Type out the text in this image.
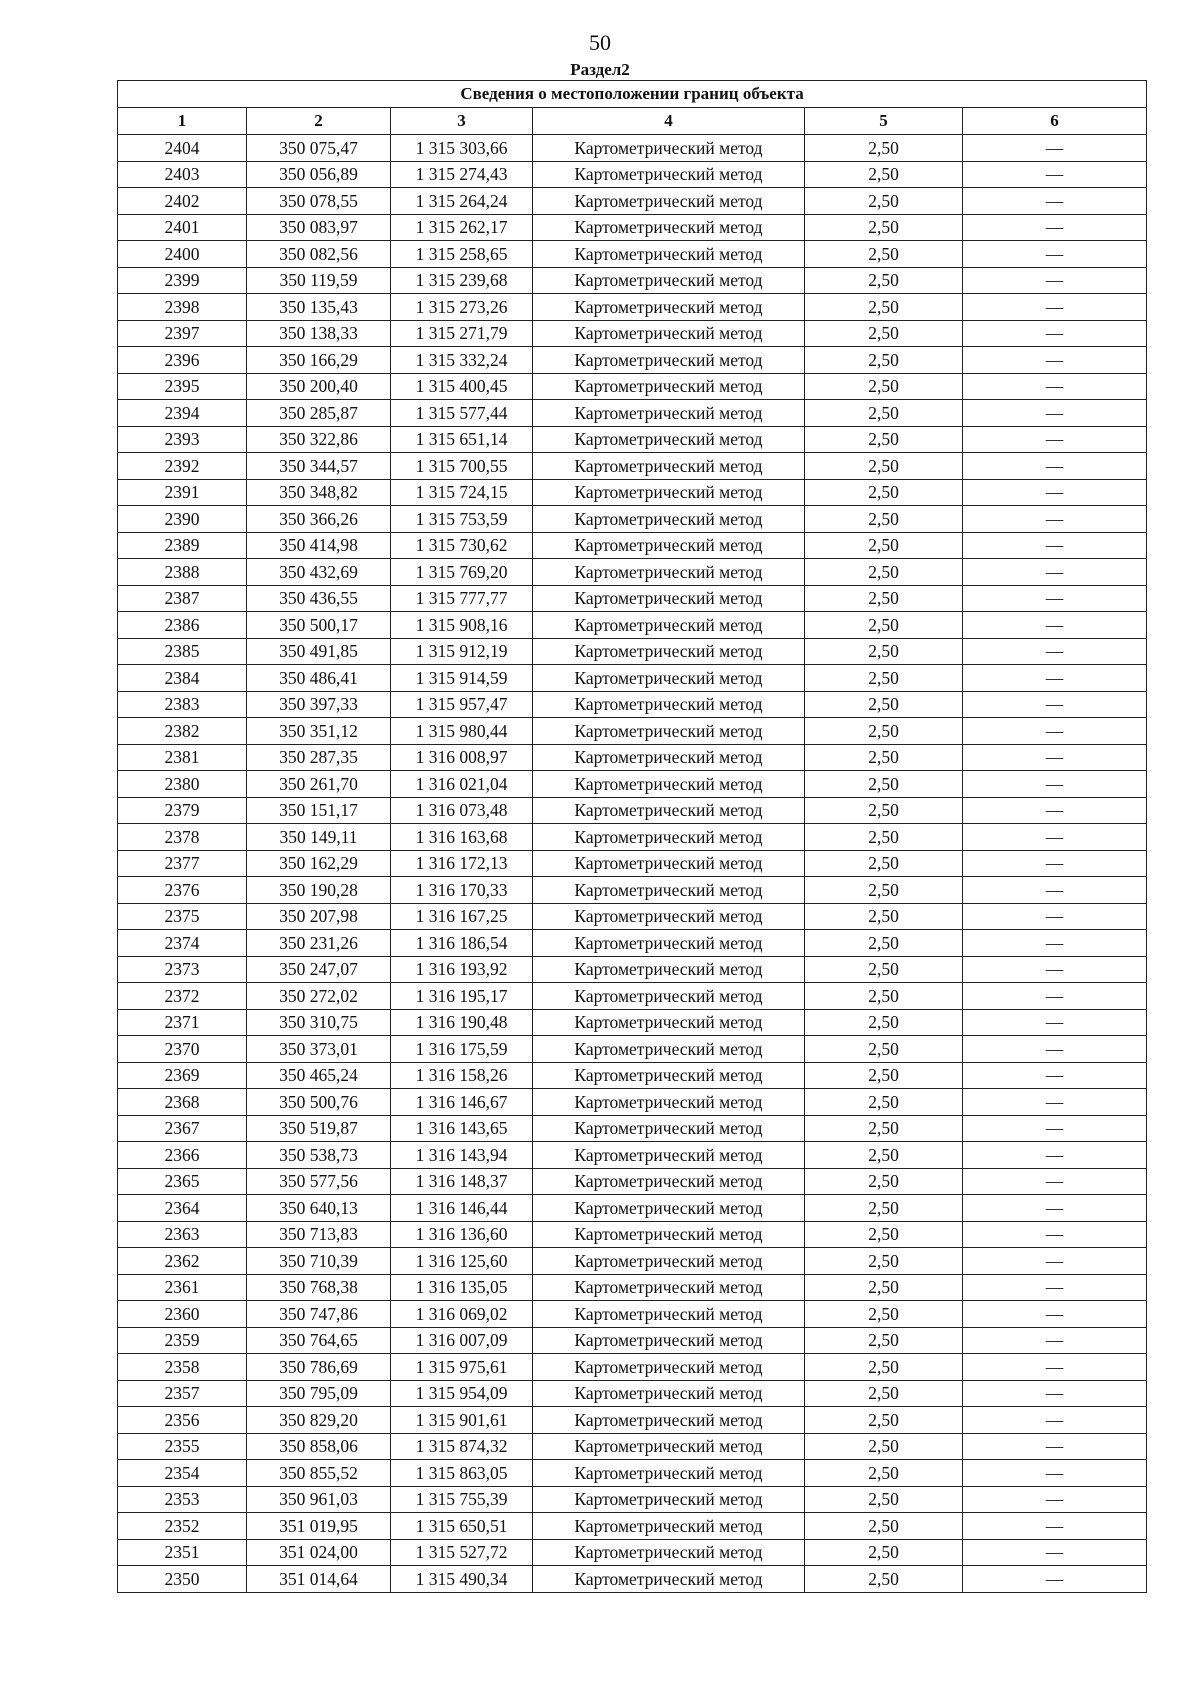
50
Раздел2
Сведения о местоположении границ объекта					
1	2	3	4	5	6
2404	350 075,47	1 315 303,66	Картометрический метод	2,50	—
2403	350 056,89	1 315 274,43	Картометрический метод	2,50	—
2402	350 078,55	1 315 264,24	Картометрический метод	2,50	—
2401	350 083,97	1 315 262,17	Картометрический метод	2,50	—
2400	350 082,56	1 315 258,65	Картометрический метод	2,50	—
2399	350 119,59	1 315 239,68	Картометрический метод	2,50	—
2398	350 135,43	1 315 273,26	Картометрический метод	2,50	—
2397	350 138,33	1 315 271,79	Картометрический метод	2,50	—
2396	350 166,29	1 315 332,24	Картометрический метод	2,50	—
2395	350 200,40	1 315 400,45	Картометрический метод	2,50	—
2394	350 285,87	1 315 577,44	Картометрический метод	2,50	—
2393	350 322,86	1 315 651,14	Картометрический метод	2,50	—
2392	350 344,57	1 315 700,55	Картометрический метод	2,50	—
2391	350 348,82	1 315 724,15	Картометрический метод	2,50	—
2390	350 366,26	1 315 753,59	Картометрический метод	2,50	—
2389	350 414,98	1 315 730,62	Картометрический метод	2,50	—
2388	350 432,69	1 315 769,20	Картометрический метод	2,50	—
2387	350 436,55	1 315 777,77	Картометрический метод	2,50	—
2386	350 500,17	1 315 908,16	Картометрический метод	2,50	—
2385	350 491,85	1 315 912,19	Картометрический метод	2,50	—
2384	350 486,41	1 315 914,59	Картометрический метод	2,50	—
2383	350 397,33	1 315 957,47	Картометрический метод	2,50	—
2382	350 351,12	1 315 980,44	Картометрический метод	2,50	—
2381	350 287,35	1 316 008,97	Картометрический метод	2,50	—
2380	350 261,70	1 316 021,04	Картометрический метод	2,50	—
2379	350 151,17	1 316 073,48	Картометрический метод	2,50	—
2378	350 149,11	1 316 163,68	Картометрический метод	2,50	—
2377	350 162,29	1 316 172,13	Картометрический метод	2,50	—
2376	350 190,28	1 316 170,33	Картометрический метод	2,50	—
2375	350 207,98	1 316 167,25	Картометрический метод	2,50	—
2374	350 231,26	1 316 186,54	Картометрический метод	2,50	—
2373	350 247,07	1 316 193,92	Картометрический метод	2,50	—
2372	350 272,02	1 316 195,17	Картометрический метод	2,50	—
2371	350 310,75	1 316 190,48	Картометрический метод	2,50	—
2370	350 373,01	1 316 175,59	Картометрический метод	2,50	—
2369	350 465,24	1 316 158,26	Картометрический метод	2,50	—
2368	350 500,76	1 316 146,67	Картометрический метод	2,50	—
2367	350 519,87	1 316 143,65	Картометрический метод	2,50	—
2366	350 538,73	1 316 143,94	Картометрический метод	2,50	—
2365	350 577,56	1 316 148,37	Картометрический метод	2,50	—
2364	350 640,13	1 316 146,44	Картометрический метод	2,50	—
2363	350 713,83	1 316 136,60	Картометрический метод	2,50	—
2362	350 710,39	1 316 125,60	Картометрический метод	2,50	—
2361	350 768,38	1 316 135,05	Картометрический метод	2,50	—
2360	350 747,86	1 316 069,02	Картометрический метод	2,50	—
2359	350 764,65	1 316 007,09	Картометрический метод	2,50	—
2358	350 786,69	1 315 975,61	Картометрический метод	2,50	—
2357	350 795,09	1 315 954,09	Картометрический метод	2,50	—
2356	350 829,20	1 315 901,61	Картометрический метод	2,50	—
2355	350 858,06	1 315 874,32	Картометрический метод	2,50	—
2354	350 855,52	1 315 863,05	Картометрический метод	2,50	—
2353	350 961,03	1 315 755,39	Картометрический метод	2,50	—
2352	351 019,95	1 315 650,51	Картометрический метод	2,50	—
2351	351 024,00	1 315 527,72	Картометрический метод	2,50	—
2350	351 014,64	1 315 490,34	Картометрический метод	2,50	—
